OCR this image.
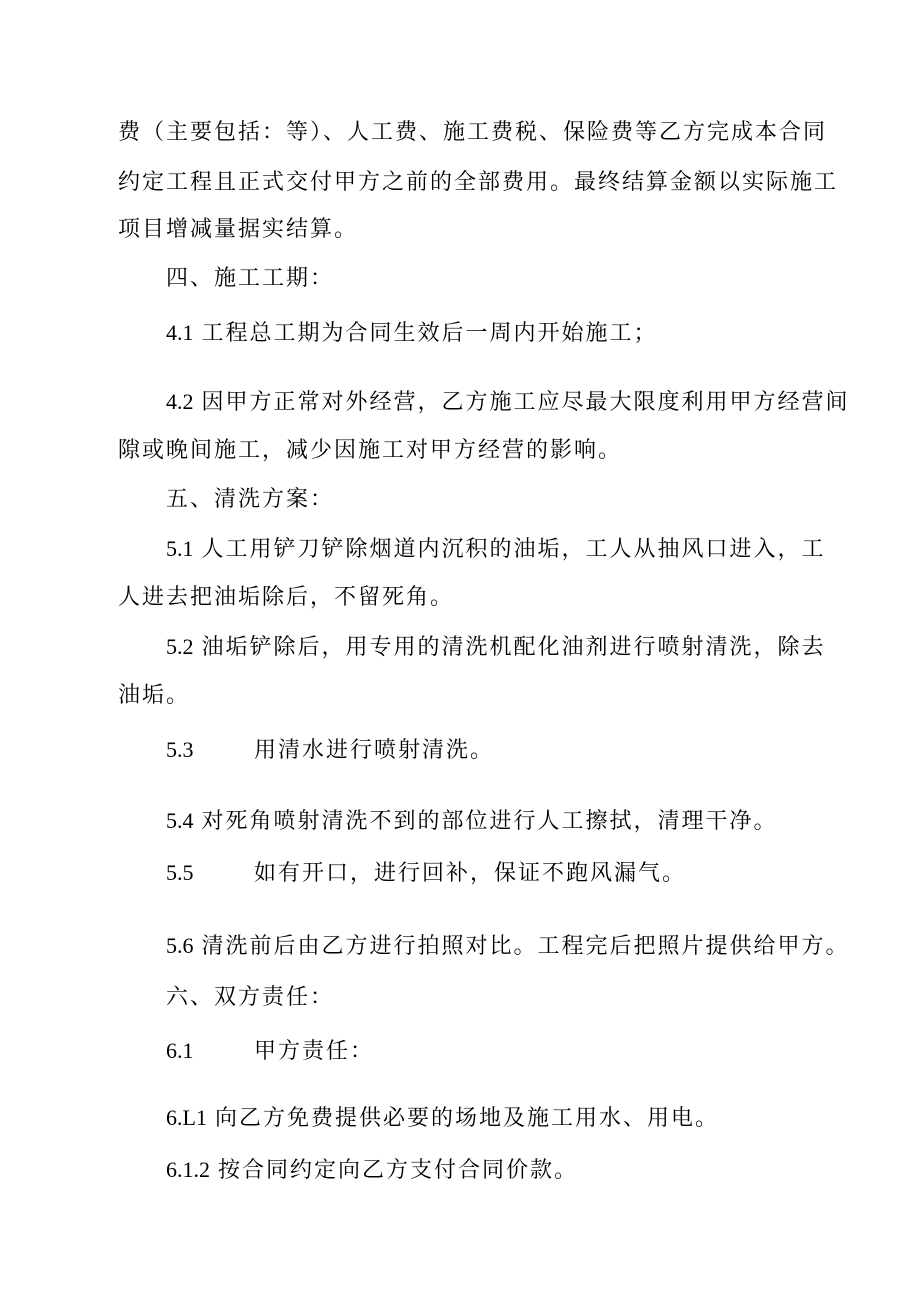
费（主要包括：等）、人工费、施工费税、保险费等乙方完成本合同
约定工程且正式交付甲方之前的全部费用。最终结算金额以实际施工
项目增减量据实结算。
四、施工工期：
4.1 工程总工期为合同生效后一周内开始施工；
4.2 因甲方正常对外经营，乙方施工应尽最大限度利用甲方经营间
隙或晚间施工，减少因施工对甲方经营的影响。
五、清洗方案：
5.1 人工用铲刀铲除烟道内沉积的油垢，工人从抽风口进入，工
人进去把油垢除后，不留死角。
5.2 油垢铲除后，用专用的清洗机配化油剂进行喷射清洗，除去
油垢。
5.3	用清水进行喷射清洗。
5.4 对死角喷射清洗不到的部位进行人工擦拭，清理干净。
5.5	如有开口，进行回补，保证不跑风漏气。
5.6 清洗前后由乙方进行拍照对比。工程完后把照片提供给甲方。
六、双方责任：
6.1	甲方责任：
6.L1 向乙方免费提供必要的场地及施工用水、用电。
6.1.2 按合同约定向乙方支付合同价款。
